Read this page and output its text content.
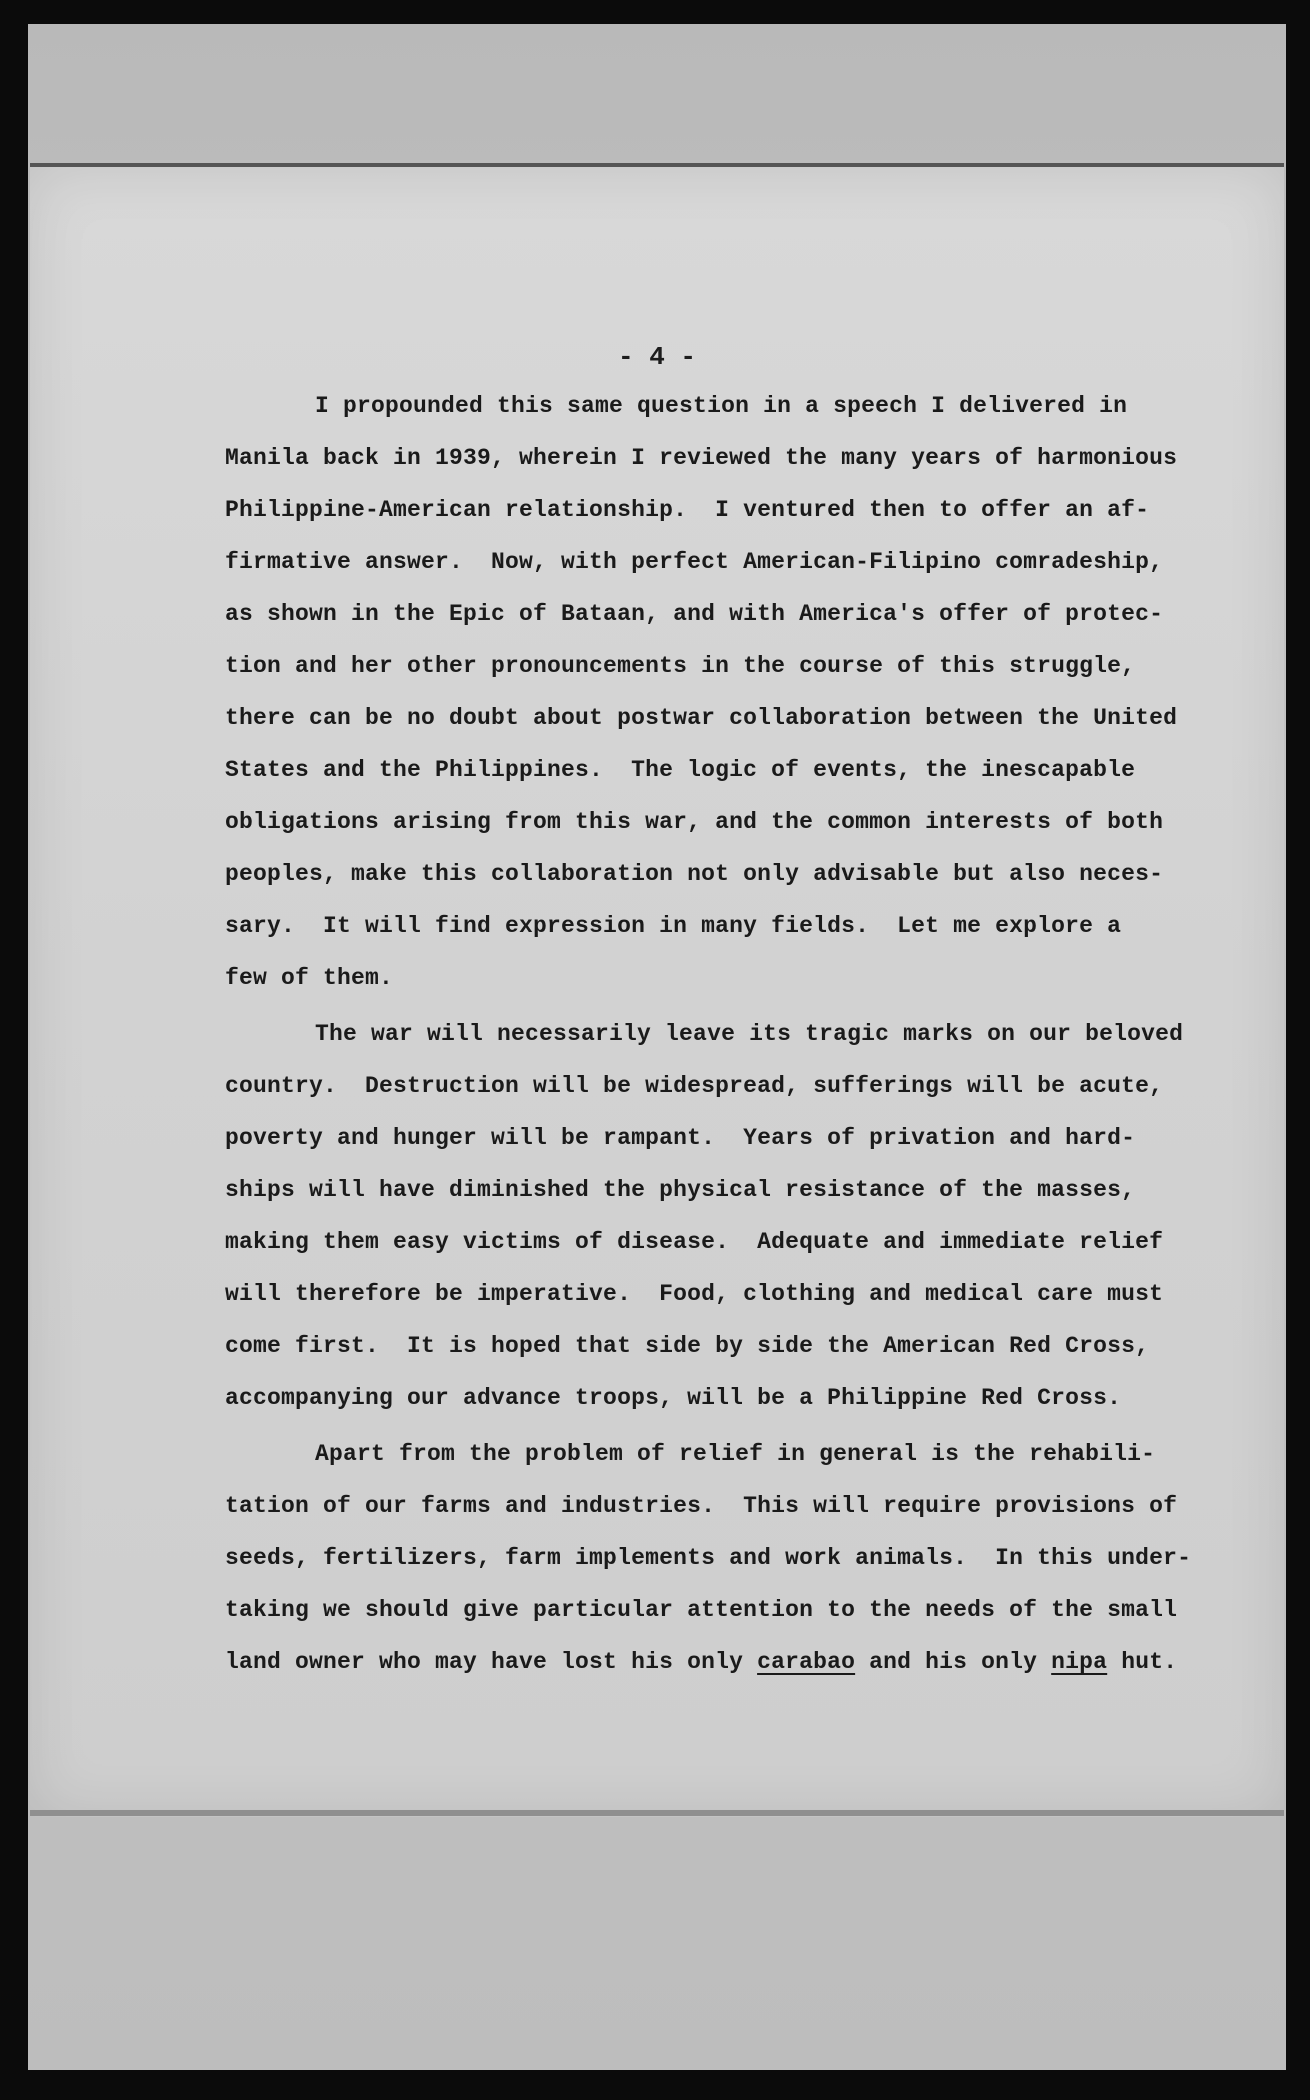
- 4 -
I propounded this same question in a speech I delivered in
Manila back in 1939, wherein I reviewed the many years of harmonious
Philippine-American relationship.  I ventured then to offer an af-
firmative answer.  Now, with perfect American-Filipino comradeship,
as shown in the Epic of Bataan, and with America's offer of protec-
tion and her other pronouncements in the course of this struggle,
there can be no doubt about postwar collaboration between the United
States and the Philippines.  The logic of events, the inescapable
obligations arising from this war, and the common interests of both
peoples, make this collaboration not only advisable but also neces-
sary.  It will find expression in many fields.  Let me explore a
few of them.
The war will necessarily leave its tragic marks on our beloved
country.  Destruction will be widespread, sufferings will be acute,
poverty and hunger will be rampant.  Years of privation and hard-
ships will have diminished the physical resistance of the masses,
making them easy victims of disease.  Adequate and immediate relief
will therefore be imperative.  Food, clothing and medical care must
come first.  It is hoped that side by side the American Red Cross,
accompanying our advance troops, will be a Philippine Red Cross.
Apart from the problem of relief in general is the rehabili-
tation of our farms and industries.  This will require provisions of
seeds, fertilizers, farm implements and work animals.  In this under-
taking we should give particular attention to the needs of the small
land owner who may have lost his only carabao and his only nipa hut.
